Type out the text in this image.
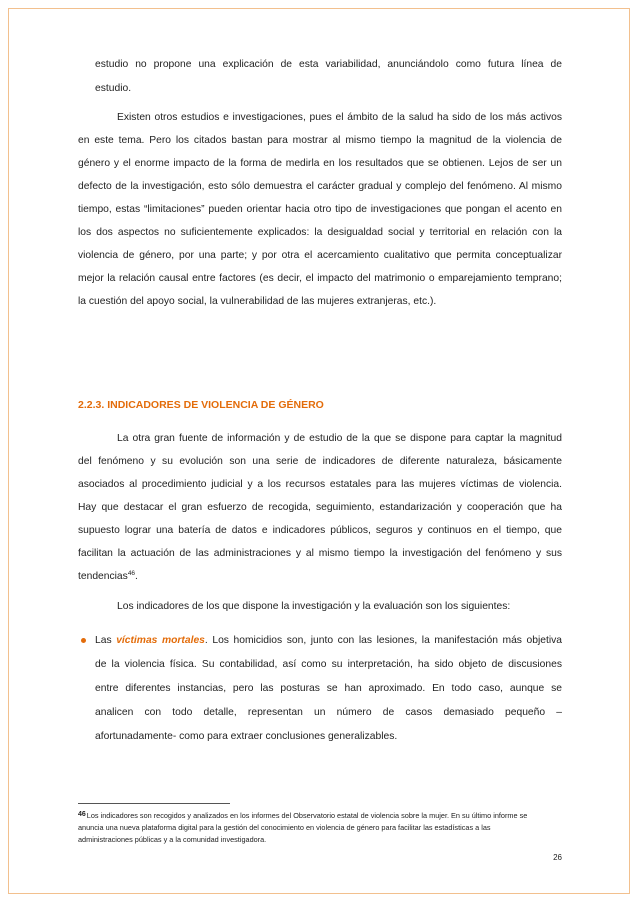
estudio no propone una explicación de esta variabilidad, anunciándolo como futura línea de
estudio.
Existen otros estudios e investigaciones, pues el ámbito de la salud ha sido de los más activos
en este tema. Pero los citados bastan para mostrar al mismo tiempo la magnitud de la violencia de
género y el enorme impacto de la forma de medirla en los resultados que se obtienen. Lejos de ser un
defecto de la investigación, esto sólo demuestra el carácter gradual y complejo del fenómeno. Al mismo
tiempo, estas “limitaciones” pueden orientar hacia otro tipo de investigaciones que pongan el acento en
los dos aspectos no suficientemente explicados: la desigualdad social y territorial en relación con la
violencia de género, por una parte; y por otra el acercamiento cualitativo que permita conceptualizar
mejor la relación causal entre factores (es decir, el impacto del matrimonio o emparejamiento temprano;
la cuestión del apoyo social, la vulnerabilidad de las mujeres extranjeras, etc.).
2.2.3. INDICADORES DE VIOLENCIA DE GÉNERO
La otra gran fuente de información y de estudio de la que se dispone para captar la magnitud
del fenómeno y su evolución son una serie de indicadores de diferente naturaleza, básicamente
asociados al procedimiento judicial y a los recursos estatales para las mujeres víctimas de violencia.
Hay que destacar el gran esfuerzo de recogida, seguimiento, estandarización y cooperación que ha
supuesto lograr una batería de datos e indicadores públicos, seguros y continuos en el tiempo, que
facilitan la actuación de las administraciones y al mismo tiempo la investigación del fenómeno y sus
tendencias$^{46}$.
Los indicadores de los que dispone la investigación y la evaluación son los siguientes:
Las víctimas mortales. Los homicidios son, junto con las lesiones, la manifestación más objetiva
de la violencia física. Su contabilidad, así como su interpretación, ha sido objeto de discusiones
entre diferentes instancias, pero las posturas se han aproximado. En todo caso, aunque se
analicen con todo detalle, representan un número de casos demasiado pequeño –
afortunadamente- como para extraer conclusiones generalizables.
46Los indicadores son recogidos y analizados en los informes del Observatorio estatal de violencia sobre la mujer. En su último informe se
anuncia una nueva plataforma digital para la gestión del conocimiento en violencia de género para facilitar las estadísticas a las
administraciones públicas y a la comunidad investigadora.
26
